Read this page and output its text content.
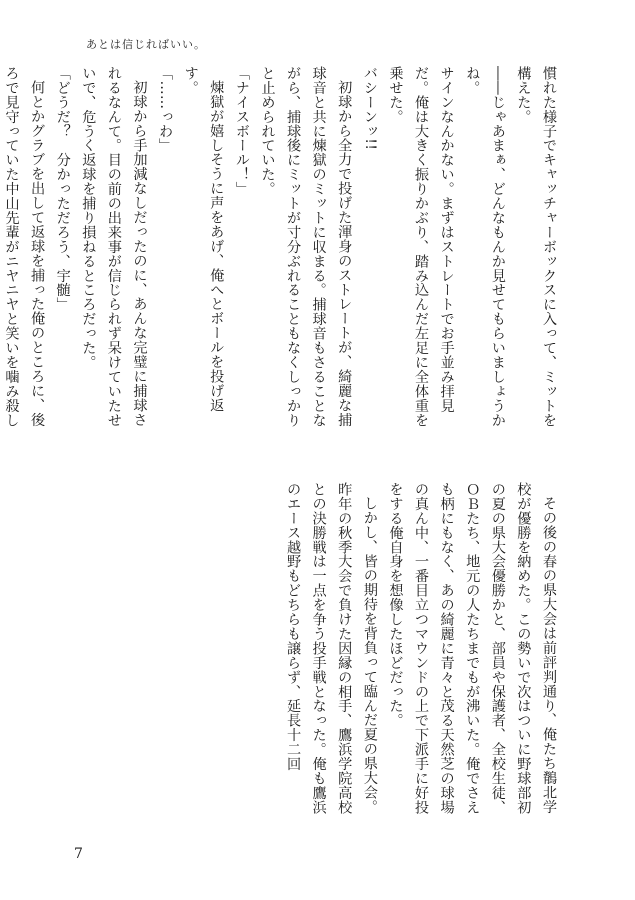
あとは信じればいい。

慣れた様子でキャッチャーボックスに入って、ミットを構えた。

――じゃあまぁ、どんなもんか見せてもらいましょうかね。

サインなんかない。まずはストレートでお手並み拝見だ。俺は大きく振りかぶり、踏み込んだ左足に全体重を乗せた。

バシーンッ!!

初球から全力で投げた渾身のストレートが、綺麗な捕球音と共に煉獄のミットに収まる。捕球音もさることながら、捕球後にミットが寸分ぶれることもなくしっかりと止められていた。

「ナイスボール！」

煉獄が嬉しそうに声をあげ、俺へとボールを投げ返す。

「……っわ」

初球から手加減なしだったのに、あんな完璧に捕球されるなんて。目の前の出来事が信じられず呆けていたせいで、危うく返球を捕り損ねるところだった。

「どうだ？　分かっただろう、宇髄」

何とかグラブを出して返球を捕った俺のところに、後ろで見守っていた中山先輩がニヤニヤと笑いを噛み殺し

その後の春の県大会は前評判通り、俺たち鶺北学校が優勝を納めた。この勢いで次はついに野球部初の夏の県大会優勝かと、部員や保護者、全校生徒、ＯＢたち、地元の人たちまでもが沸いた。俺でさえも柄にもなく、あの綺麗に青々と茂る天然芝の球場の真ん中、一番目立つマウンドの上で下派手に好投をする俺自身を想像したほどだった。

しかし、皆の期待を背負って臨んだ夏の県大会。昨年の秋季大会で負けた因縁の相手、鷹浜学院高校との決勝戦は一点を争う投手戦となった。俺も鷹浜のエース越野もどちらも譲らず、延長十二回

7
